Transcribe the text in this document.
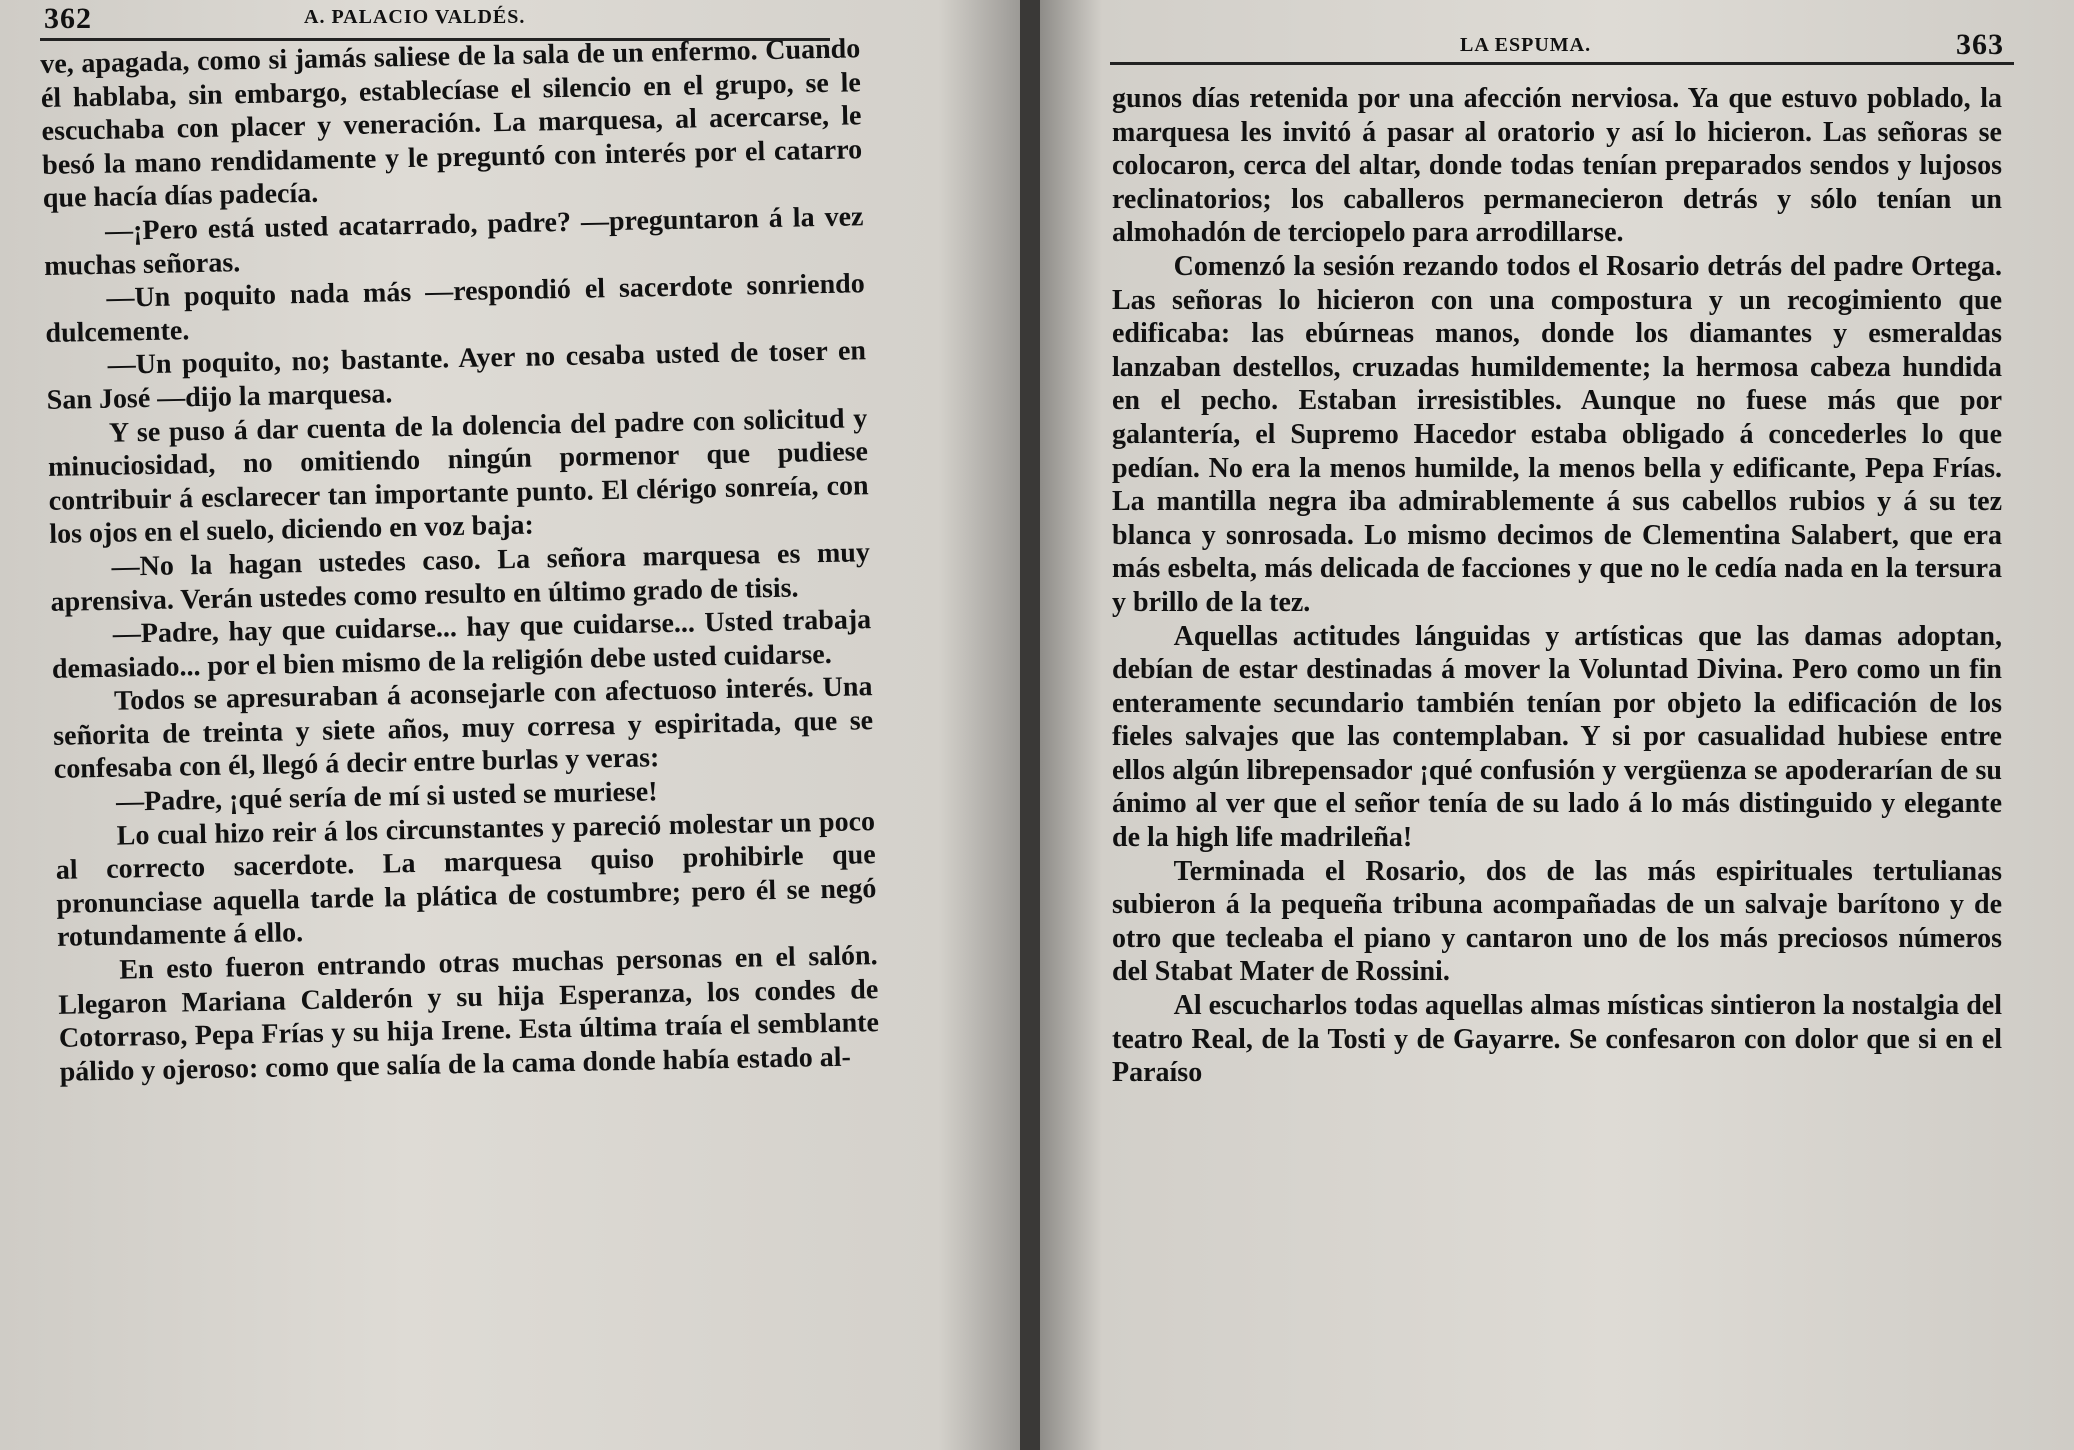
362	A. PALACIO VALDÉS.

ve, apagada, como si jamás saliese de la sala de un enfermo. Cuando él hablaba, sin embargo, establecíase el silencio en el grupo, se le escuchaba con placer y veneración. La marquesa, al acercarse, le besó la mano rendidamente y le preguntó con interés por el catarro que hacía días padecía.

—¡Pero está usted acatarrado, padre? —preguntaron á la vez muchas señoras.

—Un poquito nada más —respondió el sacerdote sonriendo dulcemente.

—Un poquito, no; bastante. Ayer no cesaba usted de toser en San José —dijo la marquesa.

Y se puso á dar cuenta de la dolencia del padre con solicitud y minuciosidad, no omitiendo ningún pormenor que pudiese contribuir á esclarecer tan importante punto. El clérigo sonreía, con los ojos en el suelo, diciendo en voz baja:

—No la hagan ustedes caso. La señora marquesa es muy aprensiva. Verán ustedes como resulto en último grado de tisis.

—Padre, hay que cuidarse... hay que cuidarse... Usted trabaja demasiado... por el bien mismo de la religión debe usted cuidarse.

Todos se apresuraban á aconsejarle con afectuoso interés. Una señorita de treinta y siete años, muy corresa y espiritada, que se confesaba con él, llegó á decir entre burlas y veras:

—Padre, ¡qué sería de mí si usted se muriese!

Lo cual hizo reir á los circunstantes y pareció molestar un poco al correcto sacerdote. La marquesa quiso prohibirle que pronunciase aquella tarde la plática de costumbre; pero él se negó rotundamente á ello.

En esto fueron entrando otras muchas personas en el salón. Llegaron Mariana Calderón y su hija Esperanza, los condes de Cotorraso, Pepa Frías y su hija Irene. Esta última traía el semblante pálido y ojeroso: como que salía de la cama donde había estado al-

LA ESPUMA.	363

gunos días retenida por una afección nerviosa. Ya que estuvo poblado, la marquesa les invitó á pasar al oratorio y así lo hicieron. Las señoras se colocaron, cerca del altar, donde todas tenían preparados sendos y lujosos reclinatorios; los caballeros permanecieron detrás y sólo tenían un almohadón de terciopelo para arrodillarse.

Comenzó la sesión rezando todos el Rosario detrás del padre Ortega. Las señoras lo hicieron con una compostura y un recogimiento que edificaba: las ebúrneas manos, donde los diamantes y esmeraldas lanzaban destellos, cruzadas humildemente; la hermosa cabeza hundida en el pecho. Estaban irresistibles. Aunque no fuese más que por galantería, el Supremo Hacedor estaba obligado á concederles lo que pedían. No era la menos humilde, la menos bella y edificante, Pepa Frías. La mantilla negra iba admirablemente á sus cabellos rubios y á su tez blanca y sonrosada. Lo mismo decimos de Clementina Salabert, que era más esbelta, más delicada de facciones y que no le cedía nada en la tersura y brillo de la tez.

Aquellas actitudes lánguidas y artísticas que las damas adoptan, debían de estar destinadas á mover la Voluntad Divina. Pero como un fin enteramente secundario también tenían por objeto la edificación de los fieles salvajes que las contemplaban. Y si por casualidad hubiese entre ellos algún librepensador ¡qué confusión y vergüenza se apoderarían de su ánimo al ver que el señor tenía de su lado á lo más distinguido y elegante de la high life madrileña!

Terminada el Rosario, dos de las más espirituales tertulianas subieron á la pequeña tribuna acompañadas de un salvaje barítono y de otro que tecleaba el piano y cantaron uno de los más preciosos números del Stabat Mater de Rossini.

Al escucharlos todas aquellas almas místicas sintieron la nostalgia del teatro Real, de la Tosti y de Gayarre. Se confesaron con dolor que si en el Paraíso
